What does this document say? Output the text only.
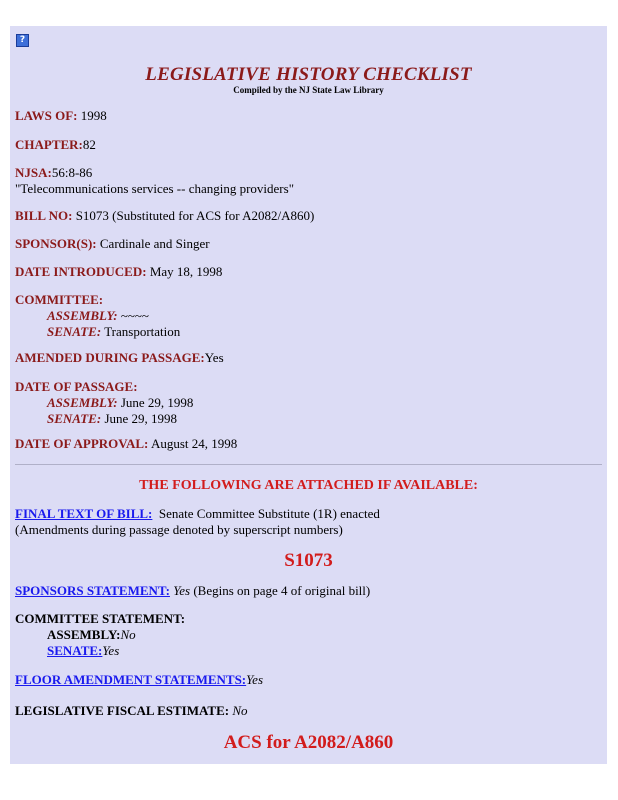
?
LEGISLATIVE HISTORY CHECKLIST
Compiled by the NJ State Law Library
LAWS OF: 1998
CHAPTER:82
NJSA:56:8-86
"Telecommunications services -- changing providers"
BILL NO: S1073 (Substituted for ACS for A2082/A860)
SPONSOR(S): Cardinale and Singer
DATE INTRODUCED: May 18, 1998
COMMITTEE:
ASSEMBLY: ~~~~
SENATE: Transportation
AMENDED DURING PASSAGE:Yes
DATE OF PASSAGE:
ASSEMBLY: June 29, 1998
SENATE: June 29, 1998
DATE OF APPROVAL: August 24, 1998
THE FOLLOWING ARE ATTACHED IF AVAILABLE:
FINAL TEXT OF BILL: Senate Committee Substitute (1R) enacted
(Amendments during passage denoted by superscript numbers)
S1073
SPONSORS STATEMENT: Yes (Begins on page 4 of original bill)
COMMITTEE STATEMENT:
ASSEMBLY:No
SENATE:Yes
FLOOR AMENDMENT STATEMENTS:Yes
LEGISLATIVE FISCAL ESTIMATE: No
ACS for A2082/A860
